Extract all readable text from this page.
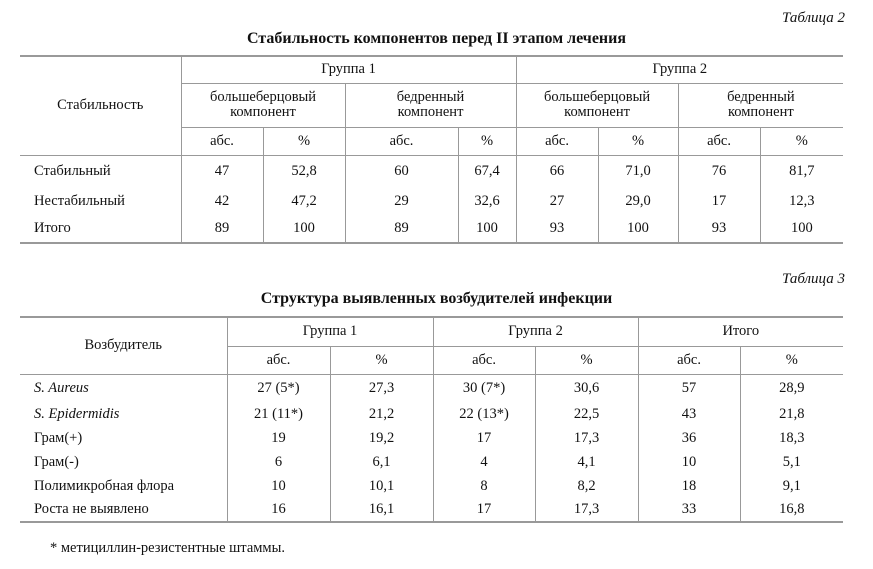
Таблица 2
Стабильность компонентов перед II этапом лечения
Стабильность	Группа 1				Группа 2			
	большеберцовый компонент		бедренный компонент		большеберцовый компонент		бедренный компонент	
	абс.	%	абс.	%	абс.	%	абс.	%
Стабильный	47	52,8	60	67,4	66	71,0	76	81,7
Нестабильный	42	47,2	29	32,6	27	29,0	17	12,3
Итого	89	100	89	100	93	100	93	100
Таблица 3
Структура выявленных возбудителей инфекции
Возбудитель	Группа 1		Группа 2		Итого	
	абс.	%	абс.	%	абс.	%
S. Aureus	27 (5*)	27,3	30 (7*)	30,6	57	28,9
S. Epidermidis	21 (11*)	21,2	22 (13*)	22,5	43	21,8
Грам(+)	19	19,2	17	17,3	36	18,3
Грам(-)	6	6,1	4	4,1	10	5,1
Полимикробная флора	10	10,1	8	8,2	18	9,1
Роста не выявлено	16	16,1	17	17,3	33	16,8
* метициллин-резистентные штаммы.
